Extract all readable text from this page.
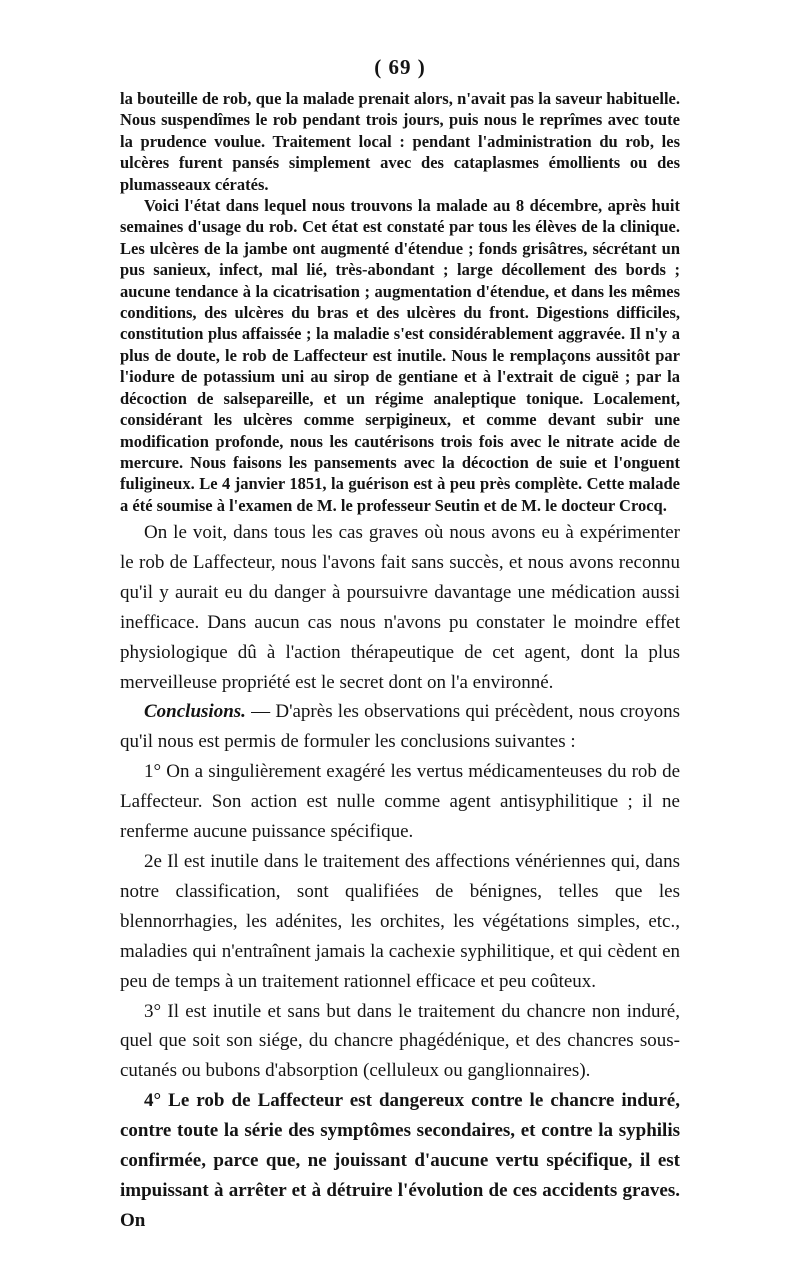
( 69 )

la bouteille de rob, que la malade prenait alors, n'avait pas la saveur habituelle. Nous suspendîmes le rob pendant trois jours, puis nous le reprîmes avec toute la prudence voulue. Traitement local : pendant l'administration du rob, les ulcères furent pansés simplement avec des cataplasmes émollients ou des plumasseaux cératés.

Voici l'état dans lequel nous trouvons la malade au 8 décembre, après huit semaines d'usage du rob. Cet état est constaté par tous les élèves de la clinique. Les ulcères de la jambe ont augmenté d'étendue ; fonds grisâtres, sécrétant un pus sanieux, infect, mal lié, très-abondant ; large décollement des bords ; aucune tendance à la cicatrisation ; augmentation d'étendue, et dans les mêmes conditions, des ulcères du bras et des ulcères du front. Digestions difficiles, constitution plus affaissée ; la maladie s'est considérablement aggravée. Il n'y a plus de doute, le rob de Laffecteur est inutile. Nous le remplaçons aussitôt par l'iodure de potassium uni au sirop de gentiane et à l'extrait de ciguë ; par la décoction de salsepareille, et un régime analeptique tonique. Localement, considérant les ulcères comme serpigineux, et comme devant subir une modification profonde, nous les cautérisons trois fois avec le nitrate acide de mercure. Nous faisons les pansements avec la décoction de suie et l'onguent fuligineux. Le 4 janvier 1851, la guérison est à peu près complète. Cette malade a été soumise à l'examen de M. le professeur Seutin et de M. le docteur Crocq.

On le voit, dans tous les cas graves où nous avons eu à expérimenter le rob de Laffecteur, nous l'avons fait sans succès, et nous avons reconnu qu'il y aurait eu du danger à poursuivre davantage une médication aussi inefficace. Dans aucun cas nous n'avons pu constater le moindre effet physiologique dû à l'action thérapeutique de cet agent, dont la plus merveilleuse propriété est le secret dont on l'a environné.

Conclusions. — D'après les observations qui précèdent, nous croyons qu'il nous est permis de formuler les conclusions suivantes :

1° On a singulièrement exagéré les vertus médicamenteuses du rob de Laffecteur. Son action est nulle comme agent antisyphilitique ; il ne renferme aucune puissance spécifique.

2e Il est inutile dans le traitement des affections vénériennes qui, dans notre classification, sont qualifiées de bénignes, telles que les blennorrhagies, les adénites, les orchites, les végétations simples, etc., maladies qui n'entraînent jamais la cachexie syphilitique, et qui cèdent en peu de temps à un traitement rationnel efficace et peu coûteux.

3° Il est inutile et sans but dans le traitement du chancre non induré, quel que soit son siége, du chancre phagédénique, et des chancres sous-cutanés ou bubons d'absorption (celluleux ou ganglionnaires).

4° Le rob de Laffecteur est dangereux contre le chancre induré, contre toute la série des symptômes secondaires, et contre la syphilis confirmée, parce que, ne jouissant d'aucune vertu spécifique, il est impuissant à arrêter et à détruire l'évolution de ces accidents graves. On
